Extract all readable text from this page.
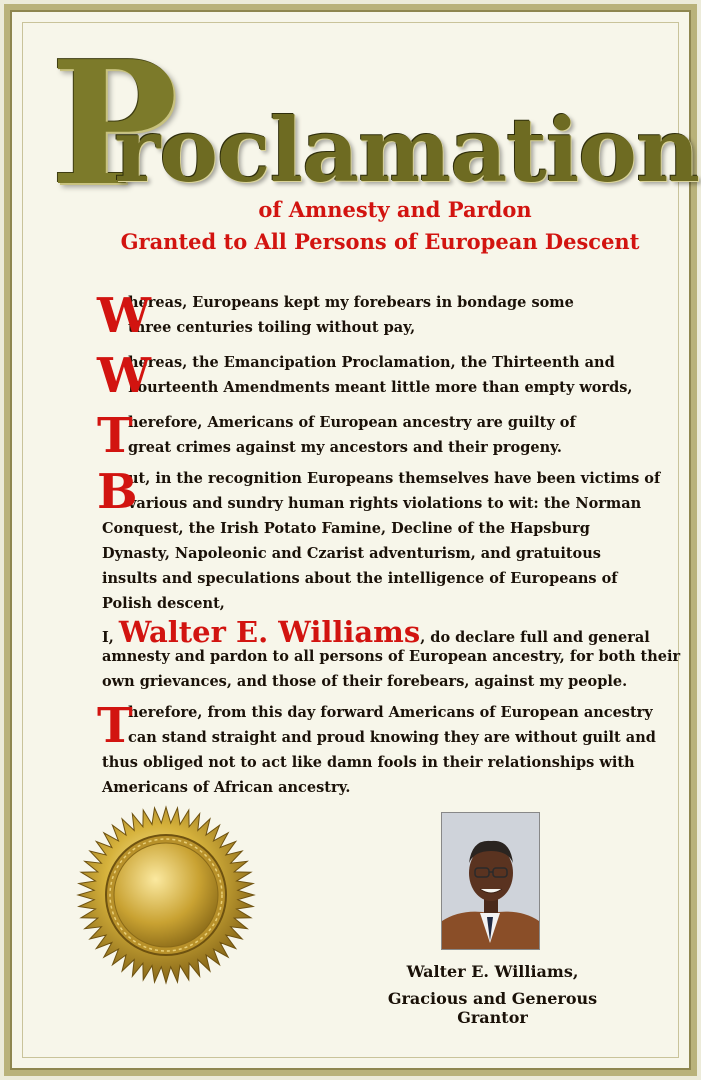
P
roclamation
of Amnesty and Pardon
Granted to All Persons of European Descent
W
hereas, Europeans kept my forebears in bondage some
three centuries toiling without pay,
W
hereas, the Emancipation Proclamation, the Thirteenth and
Fourteenth Amendments meant little more than empty words,
T
herefore, Americans of European ancestry are guilty of
great crimes against my ancestors and their progeny.
B
ut, in the recognition Europeans themselves have been victims of
various and sundry human rights violations to wit: the Norman
Conquest, the Irish Potato Famine, Decline of the Hapsburg
Dynasty, Napoleonic and Czarist adventurism, and gratuitous
insults and speculations about the intelligence of Europeans of
Polish descent,
I, Walter E. Williams, do declare full and general
amnesty and pardon to all persons of European ancestry, for both their
own grievances, and those of their forebears, against my people.
T
herefore, from this day forward Americans of European ancestry
can stand straight and proud knowing they are without guilt and
thus obliged not to act like damn fools in their relationships with
Americans of African ancestry.
Walter E. Williams,
Gracious and Generous Grantor
